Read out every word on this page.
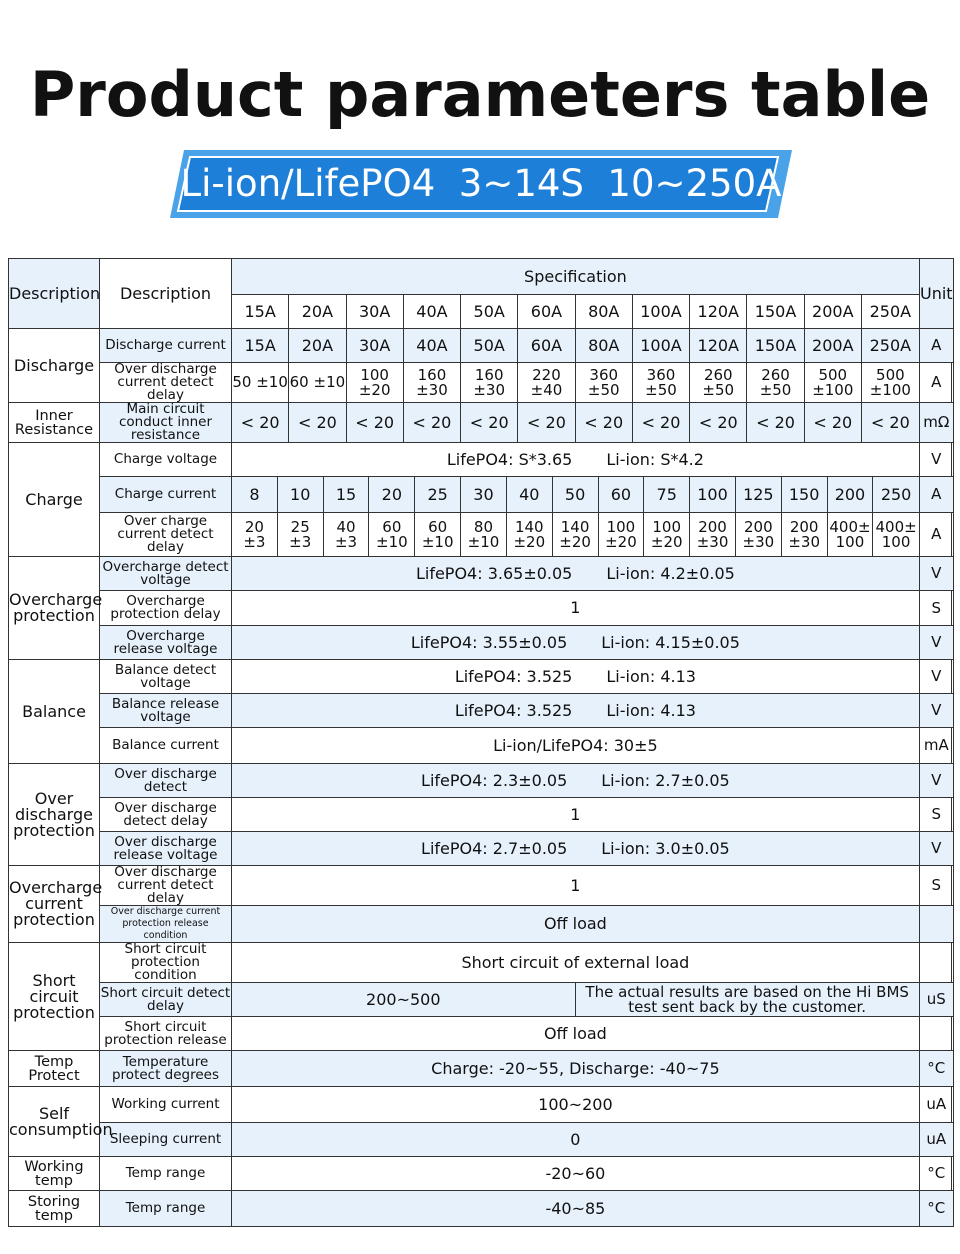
Product parameters table
Li-ion/LifePO4  3~14S  10~250A
Description	Description	Specification																								Unit
		15A		20A		30A		40A		50A		60A		80A		100A		120A		150A		200A		250A		
Discharge	Discharge current	15A		20A		30A		40A		50A		60A		80A		100A		120A		150A		200A		250A		A
	Over discharge current detect delay	50 ±10		60 ±10		100 ±20		160 ±30		160 ±30		220 ±40		360 ±50		360 ±50		260 ±50		260 ±50		500 ±100		500 ±100		A
Inner Resistance	Main circuit conduct inner resistance	< 20		< 20		< 20		< 20		< 20		< 20		< 20		< 20		< 20		< 20		< 20		< 20		mΩ
Charge	Charge voltage	LifePO4: S*3.65 Li-ion: S*4.2																								V
	Charge current	8	10		15		20		25	30	40		50		60		75	100	125		150		200		250	A
	Over charge current detect delay	20 ±3	25 ±3		40 ±3		60 ±10		60 ±10	80 ±10	140 ±20		140 ±20		100 ±20		100 ±20	200 ±30	200 ±30		200 ±30		400± 100		400± 100	A
Overcharge protection	Overcharge detect voltage	LifePO4: 3.65±0.05 Li-ion: 4.2±0.05																								V
	Overcharge protection delay	1																								S
	Overcharge release voltage	LifePO4: 3.55±0.05 Li-ion: 4.15±0.05																								V
Balance	Balance detect voltage	LifePO4: 3.525 Li-ion: 4.13																								V
	Balance release voltage	LifePO4: 3.525 Li-ion: 4.13																								V
	Balance current	Li-ion/LifePO4: 30±5																								mA
Over discharge protection	Over discharge detect	LifePO4: 2.3±0.05 Li-ion: 2.7±0.05																								V
	Over discharge detect delay	1																								S
	Over discharge release voltage	LifePO4: 2.7±0.05 Li-ion: 3.0±0.05																								V
Overcharge current protection	Over discharge current detect delay	1																								S
	Over discharge current protection release condition	Off load																								
Short circuit protection	Short circuit protection condition	Short circuit of external load																								
	Short circuit detect delay	200~500												The actual results are based on the Hi BMS test sent back by the customer.												uS
	Short circuit protection release	Off load																								
Temp Protect	Temperature protect degrees	Charge: -20~55, Discharge: -40~75																								°C
Self consumption	Working current	100~200																								uA
	Sleeping current	0																								uA
Working temp	Temp range	-20~60																								°C
Storing temp	Temp range	-40~85																								°C
